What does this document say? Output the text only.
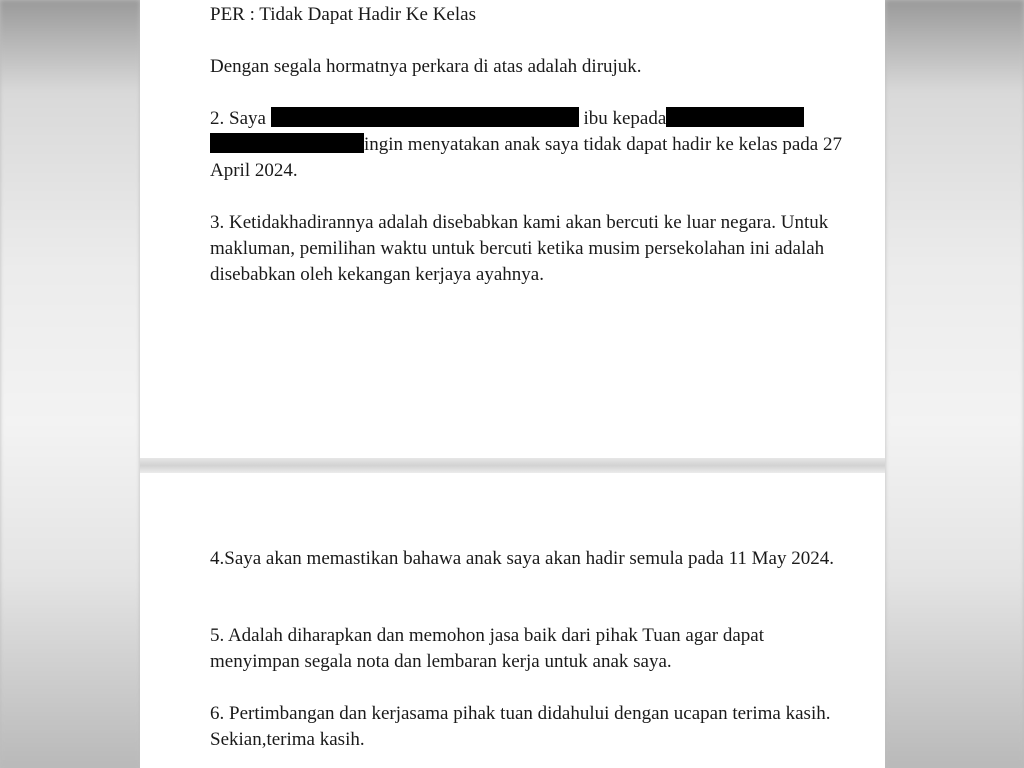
PER : Tidak Dapat Hadir Ke Kelas

Dengan segala hormatnya perkara di atas adalah dirujuk.

2. Saya	ibu kepada
ingin menyatakan anak saya tidak dapat hadir ke kelas pada 27 April 2024.

3. Ketidakhadirannya adalah disebabkan kami akan bercuti ke luar negara. Untuk makluman, pemilihan waktu untuk bercuti ketika musim persekolahan ini adalah disebabkan oleh kekangan kerjaya ayahnya.

4.Saya akan memastikan bahawa anak saya akan hadir semula pada 11 May 2024.

5. Adalah diharapkan dan memohon jasa baik dari pihak Tuan agar dapat menyimpan segala nota dan lembaran kerja untuk anak saya.

6. Pertimbangan dan kerjasama pihak tuan didahului dengan ucapan terima kasih. Sekian,terima kasih.
